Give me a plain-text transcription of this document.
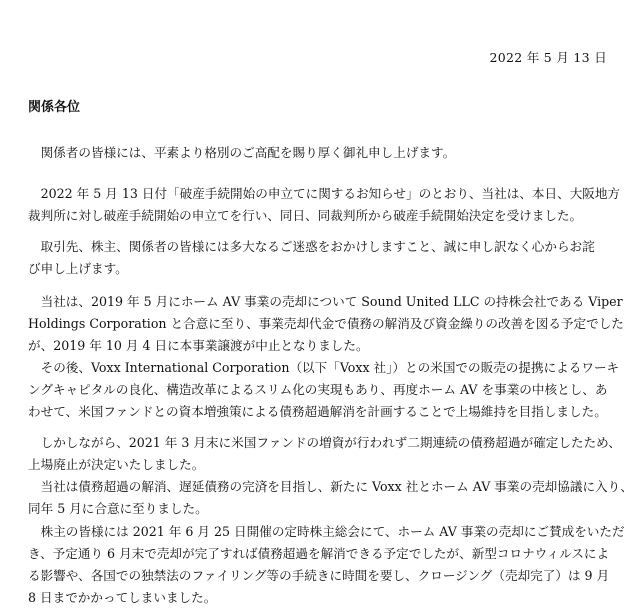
2022 年 5 月 13 日
関係各位

関係者の皆様には、平素より格別のご高配を賜り厚く御礼申し上げます。

2022 年 5 月 13 日付「破産手続開始の申立てに関するお知らせ」のとおり、当社は、本日、大阪地方
裁判所に対し破産手続開始の申立てを行い、同日、同裁判所から破産手続開始決定を受けました。

取引先、株主、関係者の皆様には多大なるご迷惑をおかけしますこと、誠に申し訳なく心からお詫
び申し上げます。

当社は、2019 年 5 月にホーム AV 事業の売却について Sound United LLC の持株会社である Viper
Holdings Corporation と合意に至り、事業売却代金で債務の解消及び資金繰りの改善を図る予定でした
が、2019 年 10 月 4 日に本事業譲渡が中止となりました。
その後、Voxx International Corporation（以下「Voxx 社」）との米国での販売の提携によるワーキ
ングキャピタルの良化、構造改革によるスリム化の実現もあり、再度ホーム AV を事業の中核とし、あ
わせて、米国ファンドとの資本増強策による債務超過解消を計画することで上場維持を目指しました。

しかしながら、2021 年 3 月末に米国ファンドの増資が行われず二期連続の債務超過が確定したため、
上場廃止が決定いたしました。
当社は債務超過の解消、遅延債務の完済を目指し、新たに Voxx 社とホーム AV 事業の売却協議に入り、
同年 5 月に合意に至りました。

株主の皆様には 2021 年 6 月 25 日開催の定時株主総会にて、ホーム AV 事業の売却にご賛成をいただ
き、予定通り 6 月末で売却が完了すれば債務超過を解消できる予定でしたが、新型コロナウィルスによ
る影響や、各国での独禁法のファイリング等の手続きに時間を要し、クロージング（売却完了）は 9 月
8 日までかかってしまいました。
